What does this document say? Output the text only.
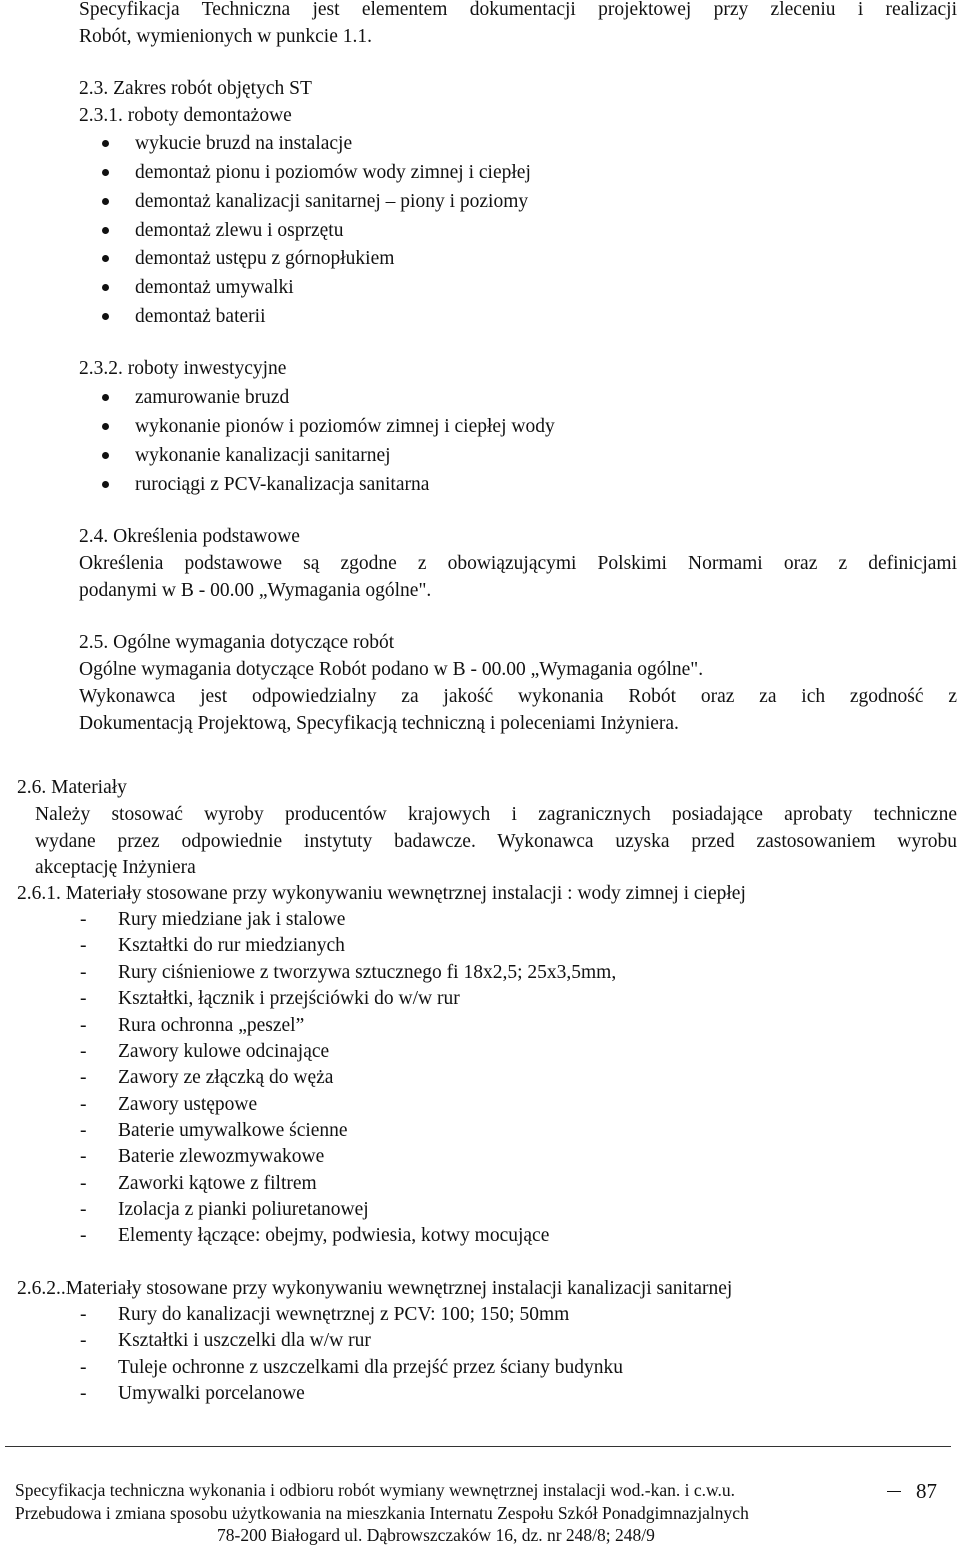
Specyfikacja Techniczna jest elementem dokumentacji projektowej przy zleceniu i realizacji
Robót, wymienionych w punkcie 1.1.
2.3. Zakres robót objętych ST
2.3.1. roboty demontażowe
wykucie bruzd na instalacje
demontaż pionu i poziomów wody zimnej i ciepłej
demontaż kanalizacji sanitarnej – piony i poziomy
demontaż zlewu i osprzętu
demontaż ustępu z górnopłukiem
demontaż umywalki
demontaż baterii
2.3.2. roboty inwestycyjne
zamurowanie bruzd
wykonanie pionów i poziomów zimnej i ciepłej wody
wykonanie kanalizacji sanitarnej
rurociągi z PCV-kanalizacja sanitarna
2.4. Określenia podstawowe
Określenia podstawowe są zgodne z obowiązującymi Polskimi Normami oraz z definicjami
podanymi w B - 00.00 „Wymagania ogólne".
2.5. Ogólne wymagania dotyczące robót
Ogólne wymagania dotyczące Robót podano w B - 00.00 „Wymagania ogólne".
Wykonawca jest odpowiedzialny za jakość wykonania Robót oraz za ich zgodność z
Dokumentacją Projektową, Specyfikacją techniczną i poleceniami Inżyniera.
2.6. Materiały
Należy stosować wyroby producentów krajowych i zagranicznych posiadające aprobaty techniczne
wydane przez odpowiednie instytuty badawcze. Wykonawca uzyska przed zastosowaniem wyrobu
akceptację Inżyniera
2.6.1. Materiały stosowane przy wykonywaniu wewnętrznej instalacji : wody zimnej i ciepłej
- Rury miedziane jak i stalowe
- Kształtki do rur miedzianych
- Rury ciśnieniowe z tworzywa sztucznego fi 18x2,5; 25x3,5mm,
- Kształtki, łącznik i przejściówki do w/w rur
- Rura ochronna „peszel”
- Zawory kulowe odcinające
- Zawory ze złączką do węża
- Zawory ustępowe
- Baterie umywalkowe ścienne
- Baterie zlewozmywakowe
- Zaworki kątowe z filtrem
- Izolacja z pianki poliuretanowej
- Elementy łączące: obejmy, podwiesia, kotwy mocujące
2.6.2..Materiały stosowane przy wykonywaniu wewnętrznej instalacji kanalizacji sanitarnej
- Rury do kanalizacji wewnętrznej z PCV: 100; 150; 50mm
- Kształtki i uszczelki dla w/w rur
- Tuleje ochronne z uszczelkami dla przejść przez ściany budynku
- Umywalki porcelanowe
Specyfikacja techniczna wykonania i odbioru robót wymiany wewnętrznej instalacji wod.-kan. i c.w.u.	87
Przebudowa i zmiana sposobu użytkowania na mieszkania Internatu Zespołu Szkół Ponadgimnazjalnych
78-200 Białogard ul. Dąbrowszczaków 16, dz. nr 248/8; 248/9
